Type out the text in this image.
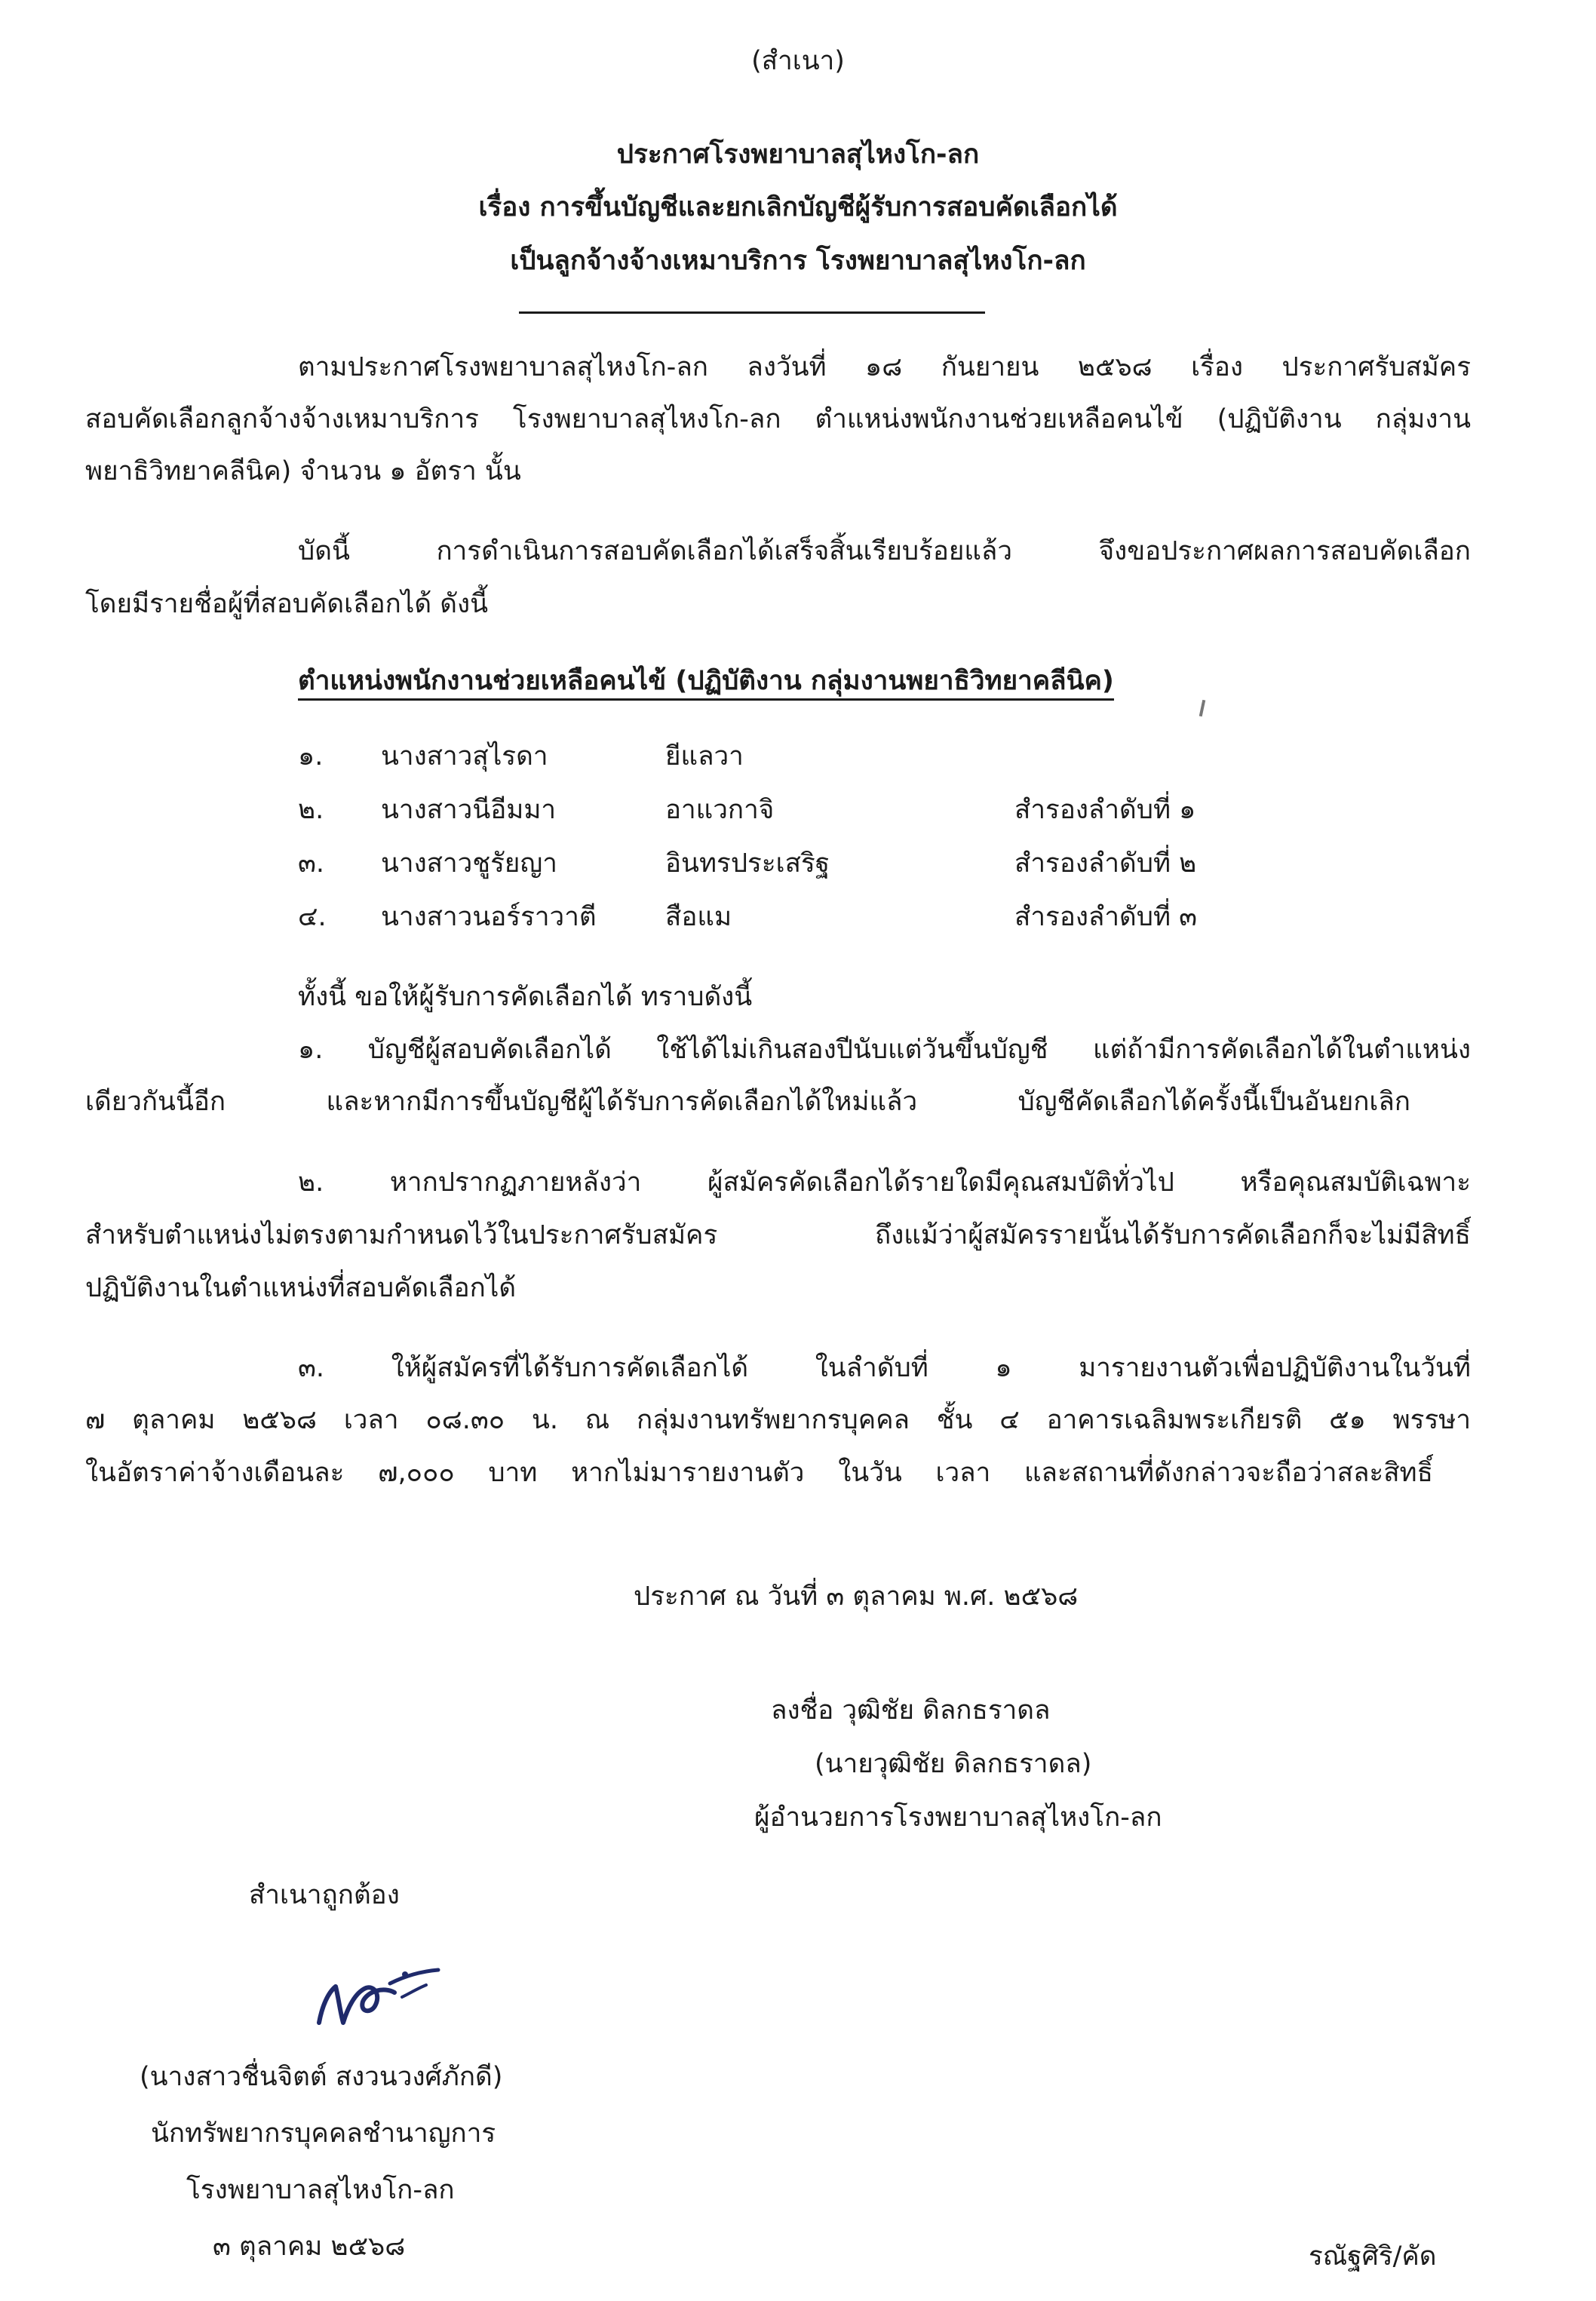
(สำเนา)
ประกาศโรงพยาบาลสุไหงโก-ลก
เรื่อง การขึ้นบัญชีและยกเลิกบัญชีผู้รับการสอบคัดเลือกได้
เป็นลูกจ้างจ้างเหมาบริการ โรงพยาบาลสุไหงโก-ลก
ตามประกาศโรงพยาบาลสุไหงโก-ลก ลงวันที่ ๑๘ กันยายน ๒๕๖๘ เรื่อง ประกาศรับสมัคร
สอบคัดเลือกลูกจ้างจ้างเหมาบริการ โรงพยาบาลสุไหงโก-ลก ตำแหน่งพนักงานช่วยเหลือคนไข้ (ปฏิบัติงาน กลุ่มงาน
พยาธิวิทยาคลีนิค) จำนวน ๑ อัตรา นั้น
บัดนี้ การดำเนินการสอบคัดเลือกได้เสร็จสิ้นเรียบร้อยแล้ว จึงขอประกาศผลการสอบคัดเลือก
โดยมีรายชื่อผู้ที่สอบคัดเลือกได้ ดังนี้
ตำแหน่งพนักงานช่วยเหลือคนไข้ (ปฏิบัติงาน กลุ่มงานพยาธิวิทยาคลีนิค)
๑. นางสาวสุไรดา	ยีแลวา
๒. นางสาวนีอีมมา	อาแวกาจิ	สำรองลำดับที่ ๑
๓. นางสาวชูรัยญา	อินทรประเสริฐ	สำรองลำดับที่ ๒
๔. นางสาวนอร์ราวาตี	สือแม	สำรองลำดับที่ ๓
ทั้งนี้ ขอให้ผู้รับการคัดเลือกได้ ทราบดังนี้
๑. บัญชีผู้สอบคัดเลือกได้ ใช้ได้ไม่เกินสองปีนับแต่วันขึ้นบัญชี แต่ถ้ามีการคัดเลือกได้ในตำแหน่ง
เดียวกันนี้อีก และหากมีการขึ้นบัญชีผู้ได้รับการคัดเลือกได้ใหม่แล้ว บัญชีคัดเลือกได้ครั้งนี้เป็นอันยกเลิก
๒. หากปรากฏภายหลังว่า ผู้สมัครคัดเลือกได้รายใดมีคุณสมบัติทั่วไป หรือคุณสมบัติเฉพาะ
สำหรับตำแหน่งไม่ตรงตามกำหนดไว้ในประกาศรับสมัคร ถึงแม้ว่าผู้สมัครรายนั้นได้รับการคัดเลือกก็จะไม่มีสิทธิ์
ปฏิบัติงานในตำแหน่งที่สอบคัดเลือกได้
๓. ให้ผู้สมัครที่ได้รับการคัดเลือกได้ ในลำดับที่ ๑ มารายงานตัวเพื่อปฏิบัติงานในวันที่
๗ ตุลาคม ๒๕๖๘ เวลา ๐๘.๓๐ น. ณ กลุ่มงานทรัพยากรบุคคล ชั้น ๔ อาคารเฉลิมพระเกียรติ ๕๑ พรรษา
ในอัตราค่าจ้างเดือนละ ๗,๐๐๐ บาท หากไม่มารายงานตัว ในวัน เวลา และสถานที่ดังกล่าวจะถือว่าสละสิทธิ์
ประกาศ ณ วันที่ ๓ ตุลาคม พ.ศ. ๒๕๖๘
ลงชื่อ วุฒิชัย ดิลกธราดล
(นายวุฒิชัย ดิลกธราดล)
ผู้อำนวยการโรงพยาบาลสุไหงโก-ลก
สำเนาถูกต้อง
(นางสาวชื่นจิตต์ สงวนวงศ์ภักดี)
นักทรัพยากรบุคคลชำนาญการ
โรงพยาบาลสุไหงโก-ลก
๓ ตุลาคม ๒๕๖๘	รณัฐศิริ/คัด
